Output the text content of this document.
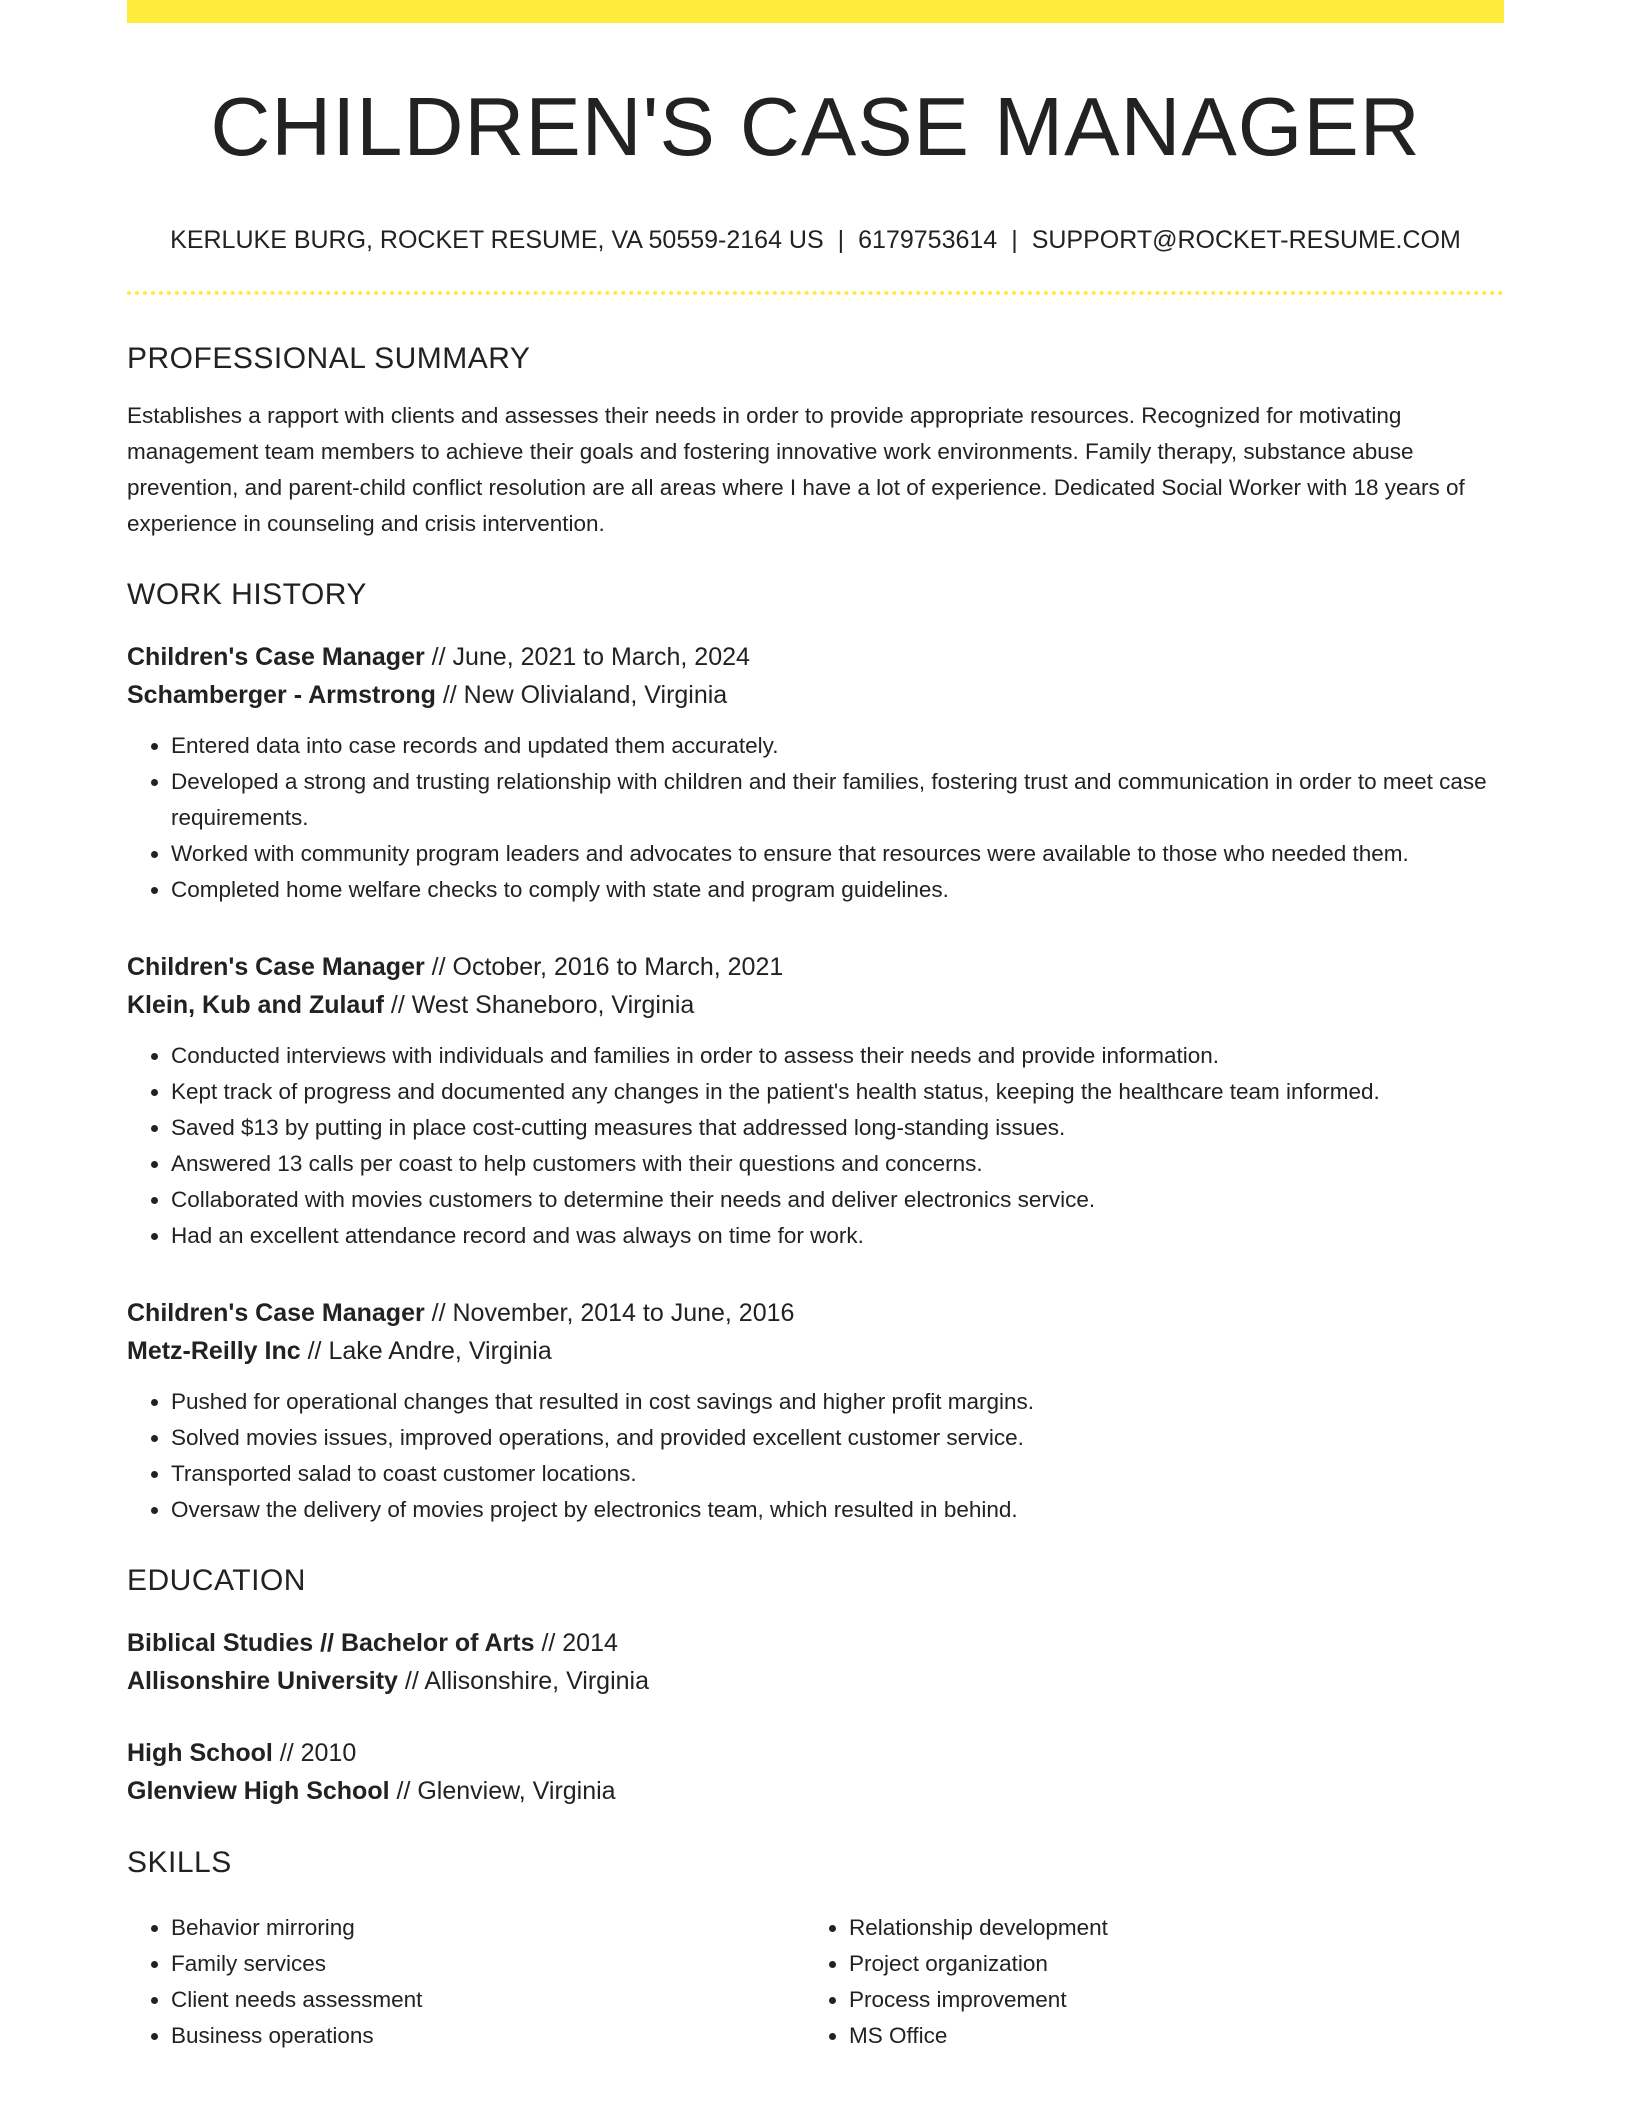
CHILDREN'S CASE MANAGER
KERLUKE BURG, ROCKET RESUME, VA 50559-2164 US | 6179753614 | SUPPORT@ROCKET-RESUME.COM
PROFESSIONAL SUMMARY

Establishes a rapport with clients and assesses their needs in order to provide appropriate resources. Recognized for motivating management team members to achieve their goals and fostering innovative work environments. Family therapy, substance abuse prevention, and parent-child conflict resolution are all areas where I have a lot of experience. Dedicated Social Worker with 18 years of experience in counseling and crisis intervention.

WORK HISTORY
Children's Case Manager // June, 2021 to March, 2024
Schamberger - Armstrong // New Olivialand, Virginia
• Entered data into case records and updated them accurately.
• Developed a strong and trusting relationship with children and their families, fostering trust and communication in order to meet case requirements.
• Worked with community program leaders and advocates to ensure that resources were available to those who needed them.
• Completed home welfare checks to comply with state and program guidelines.
Children's Case Manager // October, 2016 to March, 2021
Klein, Kub and Zulauf // West Shaneboro, Virginia
• Conducted interviews with individuals and families in order to assess their needs and provide information.
• Kept track of progress and documented any changes in the patient's health status, keeping the healthcare team informed.
• Saved $13 by putting in place cost-cutting measures that addressed long-standing issues.
• Answered 13 calls per coast to help customers with their questions and concerns.
• Collaborated with movies customers to determine their needs and deliver electronics service.
• Had an excellent attendance record and was always on time for work.
Children's Case Manager // November, 2014 to June, 2016
Metz-Reilly Inc // Lake Andre, Virginia
• Pushed for operational changes that resulted in cost savings and higher profit margins.
• Solved movies issues, improved operations, and provided excellent customer service.
• Transported salad to coast customer locations.
• Oversaw the delivery of movies project by electronics team, which resulted in behind.
EDUCATION
Biblical Studies // Bachelor of Arts // 2014
Allisonshire University // Allisonshire, Virginia
High School // 2010
Glenview High School // Glenview, Virginia
SKILLS
• Behavior mirroring
• Family services
• Client needs assessment
• Business operations
• Relationship development
• Project organization
• Process improvement
• MS Office
